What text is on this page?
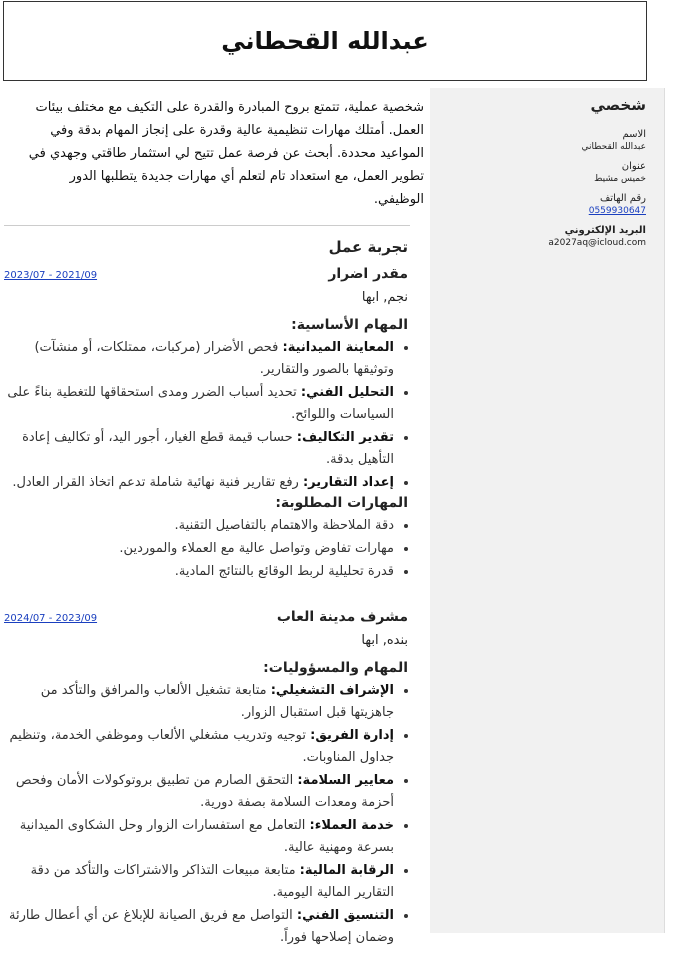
عبدالله القحطاني
شخصي
الاسم
عبدالله القحطاني
عنوان
خميس مشيط
رقم الهاتف
0559930647
البريد الإلكتروني
a2027aq@icloud.com

شخصية عملية، تتمتع بروح المبادرة والقدرة على التكيف مع مختلف بيئات العمل. أمتلك مهارات تنظيمية عالية وقدرة على إنجاز المهام بدقة وفي المواعيد محددة. أبحث عن فرصة عمل تتيح لي استثمار طاقتي وجهدي في تطوير العمل، مع استعداد تام لتعلم أي مهارات جديدة يتطلبها الدور الوظيفي.

تجربة عمل
مقدر اضرار
2023/07 - 2021/09
نجم, ابها
المهام الأساسية:
• المعاينة الميدانية: فحص الأضرار (مركبات، ممتلكات، أو منشآت) وتوثيقها بالصور والتقارير.
• التحليل الفني: تحديد أسباب الضرر ومدى استحقاقها للتغطية بناءً على السياسات واللوائح.
• تقدير التكاليف: حساب قيمة قطع الغيار، أجور اليد، أو تكاليف إعادة التأهيل بدقة.
• إعداد التقارير: رفع تقارير فنية نهائية شاملة تدعم اتخاذ القرار العادل.
المهارات المطلوبة:
• دقة الملاحظة والاهتمام بالتفاصيل التقنية.
• مهارات تفاوض وتواصل عالية مع العملاء والموردين.
• قدرة تحليلية لربط الوقائع بالنتائج المادية.
مشرف مدينة العاب
2024/07 - 2023/09
بنده, ابها
المهام والمسؤوليات:
• الإشراف التشغيلي: متابعة تشغيل الألعاب والمرافق والتأكد من جاهزيتها قبل استقبال الزوار.
• إدارة الفريق: توجيه وتدريب مشغلي الألعاب وموظفي الخدمة، وتنظيم جداول المناوبات.
• معايير السلامة: التحقق الصارم من تطبيق بروتوكولات الأمان وفحص أحزمة ومعدات السلامة بصفة دورية.
• خدمة العملاء: التعامل مع استفسارات الزوار وحل الشكاوى الميدانية بسرعة ومهنية عالية.
• الرقابة المالية: متابعة مبيعات التذاكر والاشتراكات والتأكد من دقة التقارير المالية اليومية.
• التنسيق الفني: التواصل مع فريق الصيانة للإبلاغ عن أي أعطال طارئة وضمان إصلاحها فوراً.
